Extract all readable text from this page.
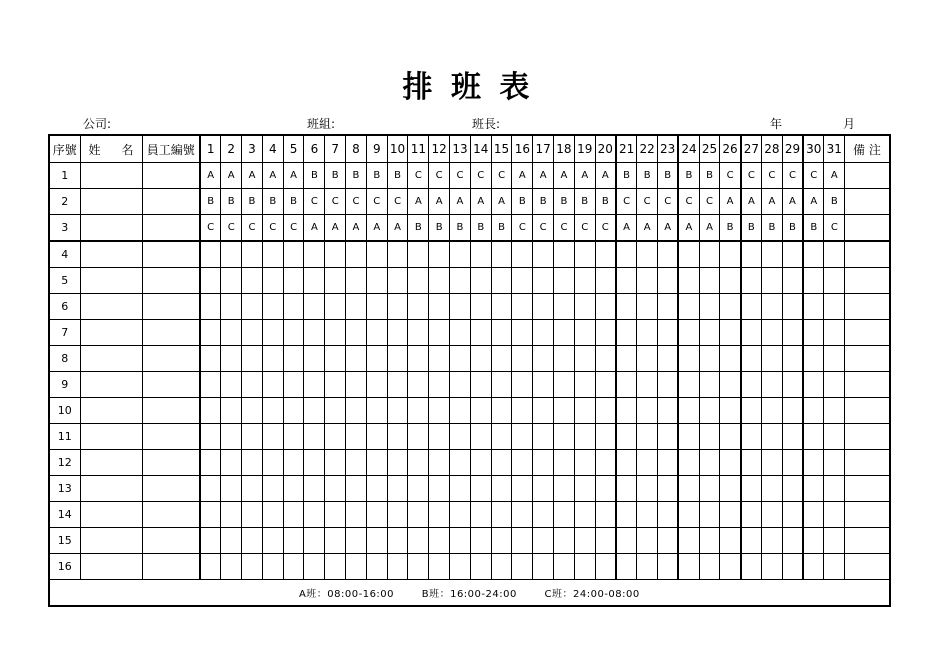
排 班 表
公司:	班組:	班長:	年	月
序號	姓 名	員工編號	1	2	3	4	5	6	7	8	9	10	11	12	13	14	15	16	17	18	19	20	21	22	23	24	25	26	27	28	29	30	31	備 注
1			A	A	A	A	A	B	B	B	B	B	C	C	C	C	C	A	A	A	A	A	B	B	B	B	B	C	C	C	C	C	A	
2			B	B	B	B	B	C	C	C	C	C	A	A	A	A	A	B	B	B	B	B	C	C	C	C	C	A	A	A	A	A	B	
3			C	C	C	C	C	A	A	A	A	A	B	B	B	B	B	C	C	C	C	C	A	A	A	A	A	B	B	B	B	B	C	
4																																		
5																																		
6																																		
7																																		
8																																		
9																																		
10																																		
11																																		
12																																		
13																																		
14																																		
15																																		
16																																		
A班：08:00-16:00 B班：16:00-24:00 C班：24:00-08:00																																		
